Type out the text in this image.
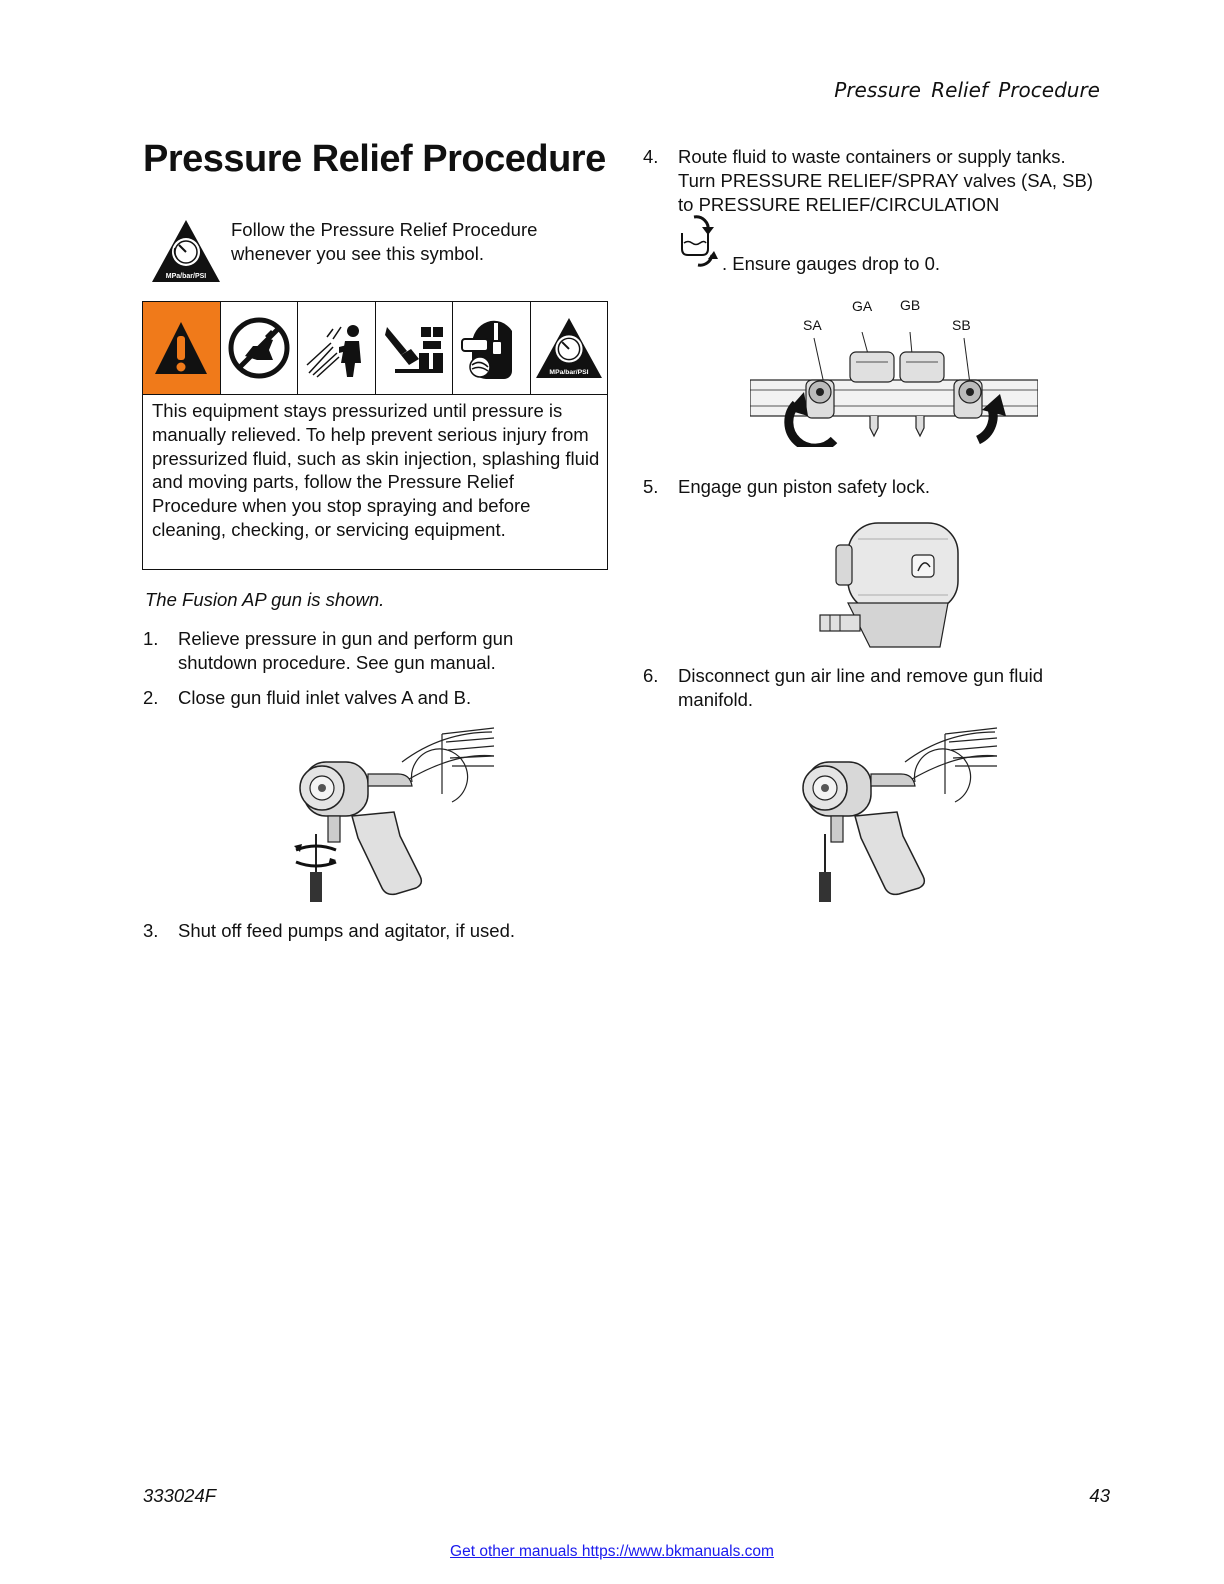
Pressure Relief Procedure
Pressure Relief Procedure
MPa/bar/PSI
Follow the Pressure Relief Procedure whenever you see this symbol.
MPa/bar/PSI
This equipment stays pressurized until pressure is manually relieved. To help prevent serious injury from pressurized fluid, such as skin injection, splashing fluid and moving parts, follow the Pressure Relief Procedure when you stop spraying and before cleaning, checking, or servicing equipment.
The Fusion AP gun is shown.
1. Relieve pressure in gun and perform gun shutdown procedure. See gun manual.
2. Close gun fluid inlet valves A and B.
3. Shut off feed pumps and agitator, if used.
4. Route fluid to waste containers or supply tanks. Turn PRESSURE RELIEF/SPRAY valves (SA, SB) to PRESSURE RELIEF/CIRCULATION
. Ensure gauges drop to 0.
GA GB
SA	SB
5. Engage gun piston safety lock.
6. Disconnect gun air line and remove gun fluid manifold.
333024F	43
Get other manuals https://www.bkmanuals.com
